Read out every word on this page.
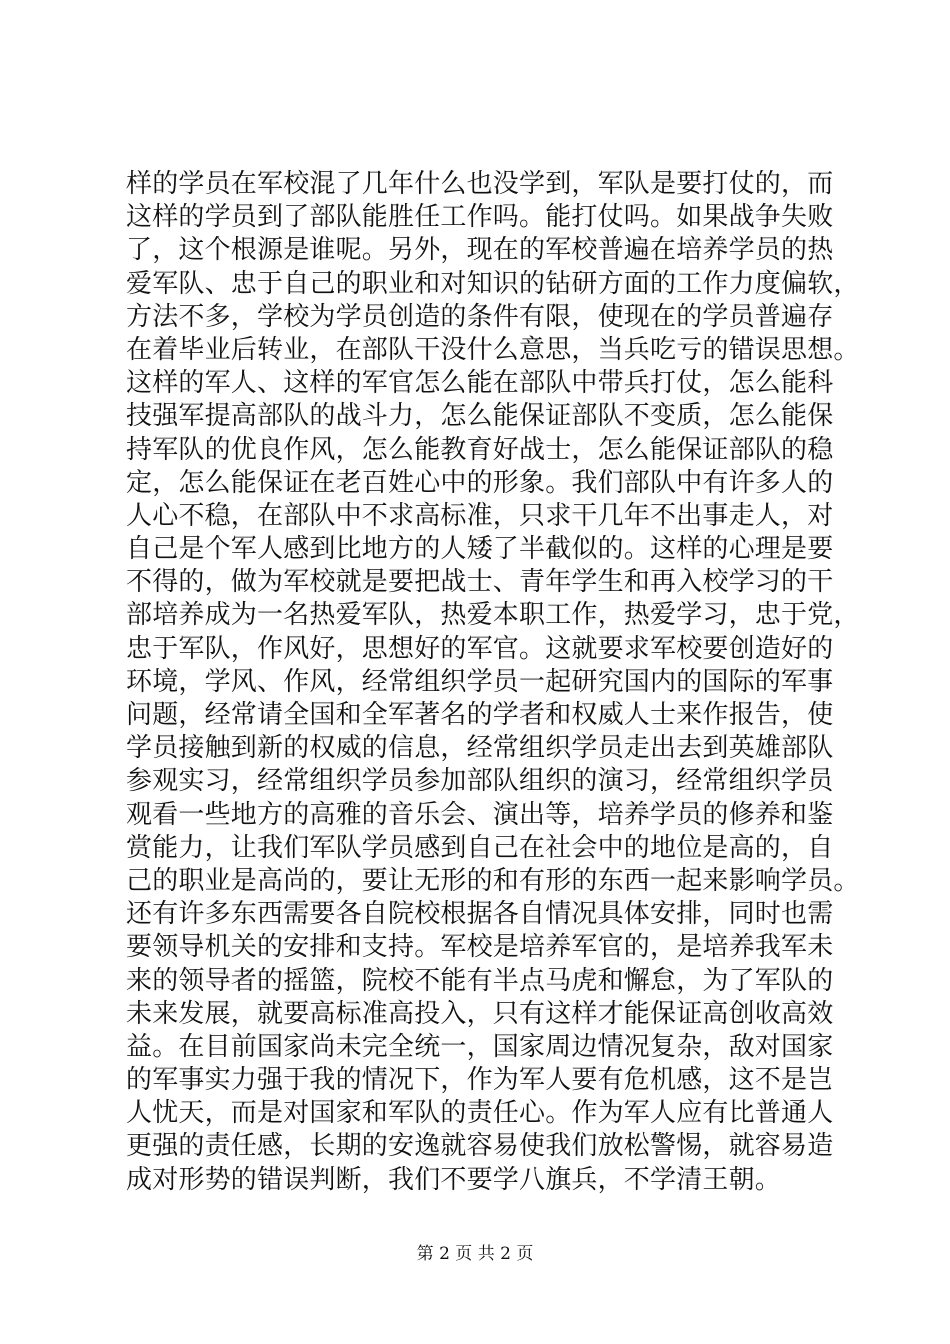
样的学员在军校混了几年什么也没学到，军队是要打仗的，而
这样的学员到了部队能胜任工作吗。能打仗吗。如果战争失败
了，这个根源是谁呢。另外，现在的军校普遍在培养学员的热
爱军队、忠于自己的职业和对知识的钻研方面的工作力度偏软，
方法不多，学校为学员创造的条件有限，使现在的学员普遍存
在着毕业后转业，在部队干没什么意思，当兵吃亏的错误思想。
这样的军人、这样的军官怎么能在部队中带兵打仗，怎么能科
技强军提高部队的战斗力，怎么能保证部队不变质，怎么能保
持军队的优良作风，怎么能教育好战士，怎么能保证部队的稳
定，怎么能保证在老百姓心中的形象。我们部队中有许多人的
人心不稳，在部队中不求高标准，只求干几年不出事走人，对
自己是个军人感到比地方的人矮了半截似的。这样的心理是要
不得的，做为军校就是要把战士、青年学生和再入校学习的干
部培养成为一名热爱军队，热爱本职工作，热爱学习，忠于党，
忠于军队，作风好，思想好的军官。这就要求军校要创造好的
环境，学风、作风，经常组织学员一起研究国内的国际的军事
问题，经常请全国和全军著名的学者和权威人士来作报告，使
学员接触到新的权威的信息，经常组织学员走出去到英雄部队
参观实习，经常组织学员参加部队组织的演习，经常组织学员
观看一些地方的高雅的音乐会、演出等，培养学员的修养和鉴
赏能力，让我们军队学员感到自己在社会中的地位是高的，自
己的职业是高尚的，要让无形的和有形的东西一起来影响学员。
还有许多东西需要各自院校根据各自情况具体安排，同时也需
要领导机关的安排和支持。军校是培养军官的，是培养我军未
来的领导者的摇篮，院校不能有半点马虎和懈怠，为了军队的
未来发展，就要高标准高投入，只有这样才能保证高创收高效
益。在目前国家尚未完全统一，国家周边情况复杂，敌对国家
的军事实力强于我的情况下，作为军人要有危机感，这不是岂
人忧天，而是对国家和军队的责任心。作为军人应有比普通人
更强的责任感，长期的安逸就容易使我们放松警惕，就容易造
成对形势的错误判断，我们不要学八旗兵，不学清王朝。
第 2 页 共 2 页
